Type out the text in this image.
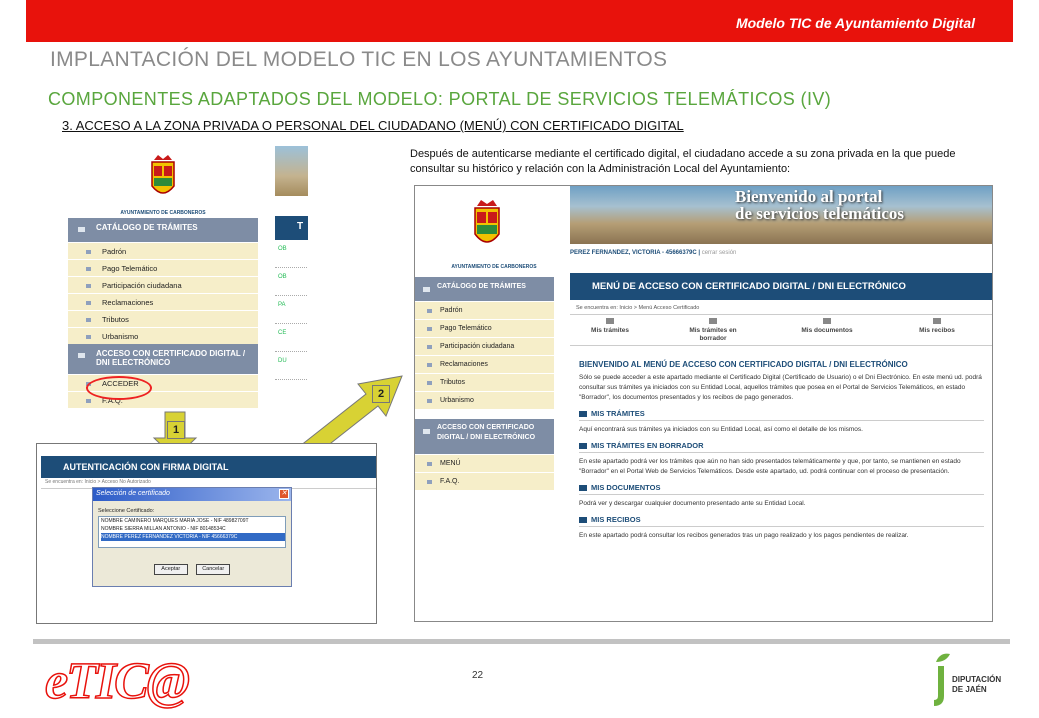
Modelo TIC de Ayuntamiento Digital
IMPLANTACIÓN DEL MODELO TIC EN LOS AYUNTAMIENTOS
COMPONENTES ADAPTADOS DEL MODELO: PORTAL DE SERVICIOS TELEMÁTICOS (IV)
3. ACCESO A LA ZONA PRIVADA O PERSONAL DEL CIUDADANO (MENÚ) CON CERTIFICADO DIGITAL
Después de autenticarse mediante el certificado digital, el ciudadano accede a su zona privada en la que puede consultar su histórico y relación con la Administración Local del Ayuntamiento:
AYUNTAMIENTO DE CARBONEROS
CATÁLOGO DE TRÁMITES
Padrón
Pago Telemático
Participación ciudadana
Reclamaciones
Tributos
Urbanismo
ACCESO CON CERTIFICADO DIGITAL / DNI ELECTRÓNICO
ACCEDER
F.A.Q.
T
OB
OB
PA
CE
DU
1
2
AUTENTICACIÓN CON FIRMA DIGITAL
Se encuentra en: Inicio > Acceso No Autorizado
Selección de certificado	✕
Seleccione Certificado:
NOMBRE CAMINERO MARQUES MARIA JOSE - NIF 48982709T
NOMBRE SIERRA MILLAN ANTONIO - NIF 80148534C
NOMBRE PEREZ FERNANDEZ VICTORIA - NIF 45666379C
Aceptar	Cancelar
AYUNTAMIENTO DE CARBONEROS
Bienvenido al portal
de servicios telemáticos
PEREZ FERNANDEZ, VICTORIA - 45666379C | cerrar sesión
CATÁLOGO DE TRÁMITES
Padrón
Pago Telemático
Participación ciudadana
Reclamaciones
Tributos
Urbanismo
ACCESO CON CERTIFICADO DIGITAL / DNI ELECTRÓNICO
MENÚ
F.A.Q.
MENÚ DE ACCESO CON CERTIFICADO DIGITAL / DNI ELECTRÓNICO
Se encuentra en: Inicio > Menú Acceso Certificado
Mis trámites	Mis trámites en borrador
Mis documentos	Mis recibos
BIENVENIDO AL MENÚ DE ACCESO CON CERTIFICADO DIGITAL / DNI ELECTRÓNICO
Sólo se puede acceder a este apartado mediante el Certificado Digital (Certificado de Usuario) o el Dni Electrónico. En este menú ud. podrá consultar sus trámites ya iniciados con su Entidad Local, aquellos trámites que posea en el Portal de Servicios Telemáticos, en estado "Borrador", los documentos presentados y los recibos de pago generados.
MIS TRÁMITES

Aquí encontrará sus trámites ya iniciados con su Entidad Local, así como el detalle de los mismos.

MIS TRÁMITES EN BORRADOR

En este apartado podrá ver los trámites que aún no han sido presentados telemáticamente y que, por tanto, se mantienen en estado "Borrador" en el Portal Web de Servicios Telemáticos. Desde este apartado, ud. podrá continuar con el proceso de presentación.

MIS DOCUMENTOS

Podrá ver y descargar cualquier documento presentado ante su Entidad Local.

MIS RECIBOS

En este apartado podrá consultar los recibos generados tras un pago realizado y los pagos pendientes de realizar.

eTIC@	22	DIPUTACIÓN
DE JAÉN
